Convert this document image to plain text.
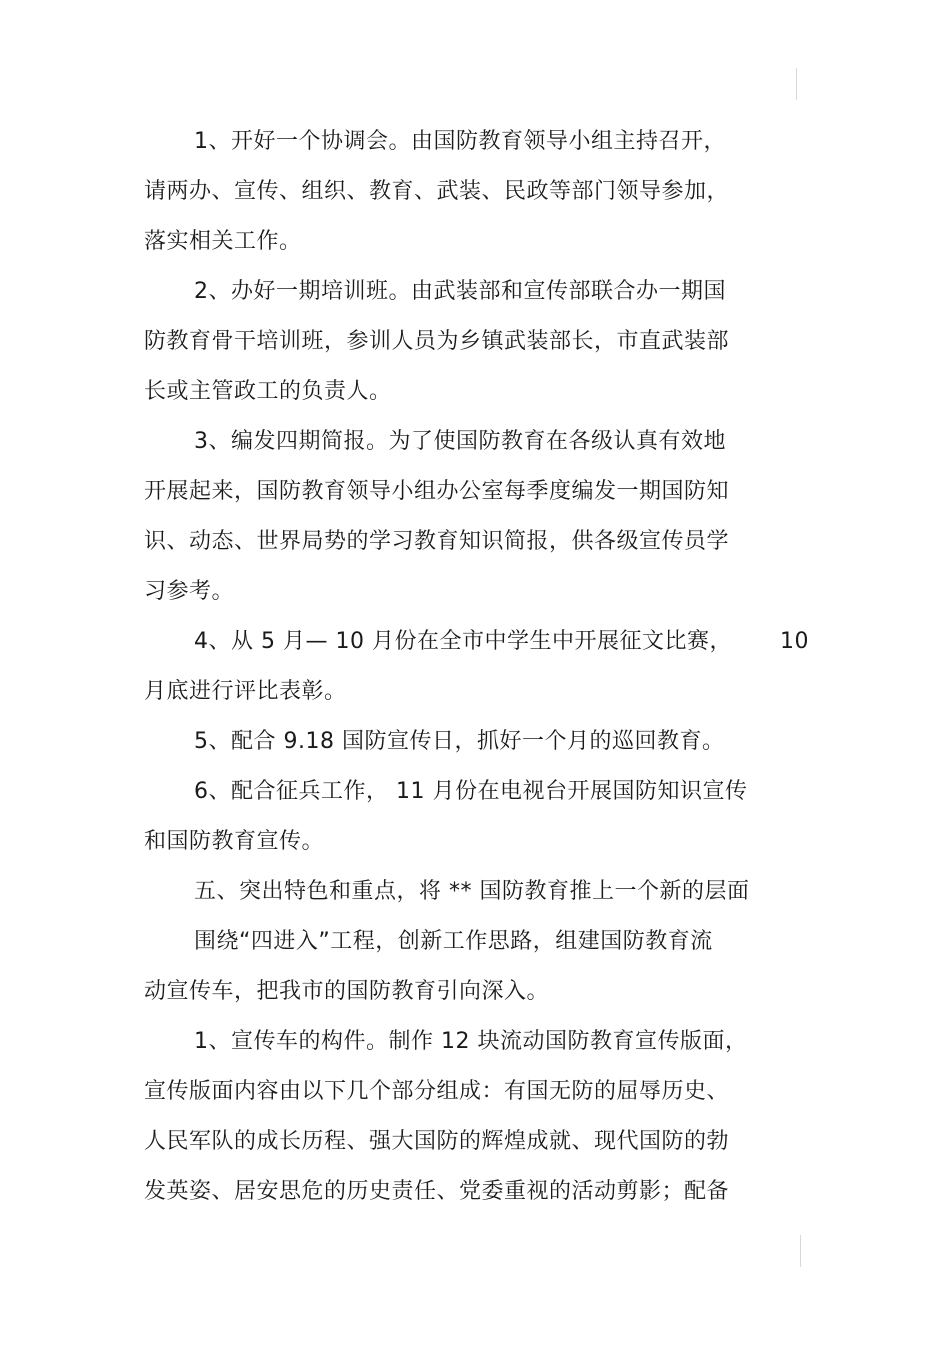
1、开好一个协调会。由国防教育领导小组主持召开，
请两办、宣传、组织、教育、武装、民政等部门领导参加，
落实相关工作。
2、办好一期培训班。由武装部和宣传部联合办一期国
防教育骨干培训班，参训人员为乡镇武装部长，市直武装部
长或主管政工的负责人。
3、编发四期简报。为了使国防教育在各级认真有效地
开展起来，国防教育领导小组办公室每季度编发一期国防知
识、动态、世界局势的学习教育知识简报，供各级宣传员学
习参考。
4、从 5 月— 10 月份在全市中学生中开展征文比赛， 10
月底进行评比表彰。
5、配合 9.18 国防宣传日，抓好一个月的巡回教育。
6、配合征兵工作， 11 月份在电视台开展国防知识宣传
和国防教育宣传。
五、突出特色和重点，将 ** 国防教育推上一个新的层面
围绕“四进入”工程，创新工作思路，组建国防教育流
动宣传车，把我市的国防教育引向深入。
1、宣传车的构件。制作 12 块流动国防教育宣传版面，
宣传版面内容由以下几个部分组成：有国无防的屈辱历史、
人民军队的成长历程、强大国防的辉煌成就、现代国防的勃
发英姿、居安思危的历史责任、党委重视的活动剪影；配备
